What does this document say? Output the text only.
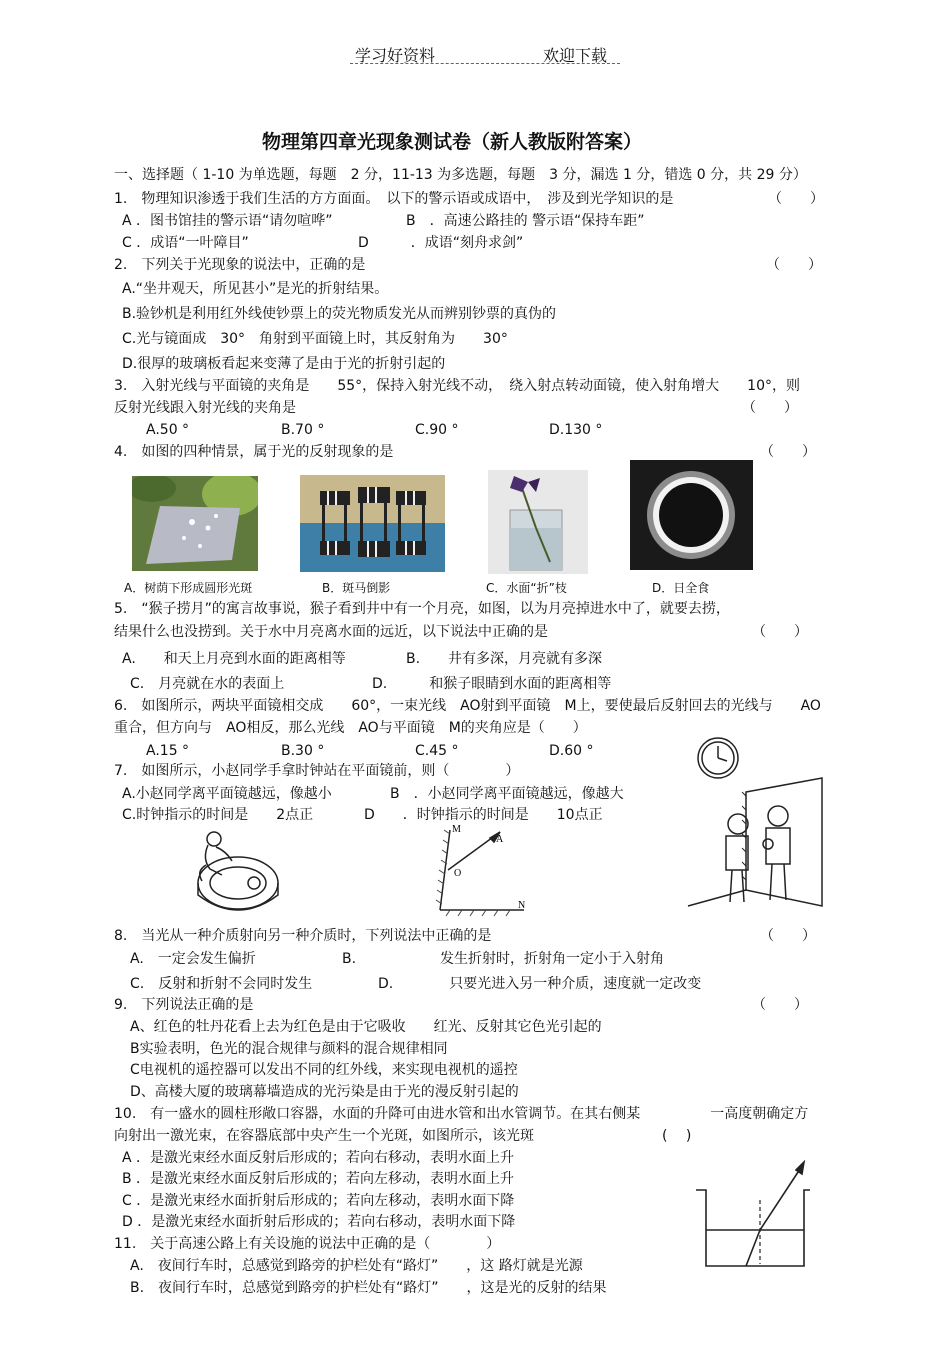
学习好资料	欢迎下载
物理第四章光现象测试卷（新人教版附答案）
一、选择题（ 1-10 为单选题，每题　2 分，11-13 为多选题，每题　3 分，漏选 1 分，错选 0 分，共 29 分）
1.　物理知识渗透于我们生活的方方面面。　以下的警示语或成语中，　涉及到光学知识的是	（　　）
A ．图书馆挂的警示语“请勿喧哗”	B　．高速公路挂的 警示语“保持车距”
C ．成语“一叶障目”	D　　　．成语“刻舟求剑”
2.　下列关于光现象的说法中，正确的是	（　　）
A.“坐井观天，所见甚小”是光的折射结果。
B.验钞机是利用红外线使钞票上的荧光物质发光从而辨别钞票的真伪的
C.光与镜面成　30°　角射到平面镜上时，其反射角为　　30°
D.很厚的玻璃板看起来变薄了是由于光的折射引起的
3.　入射光线与平面镜的夹角是　　55°，保持入射光线不动，　绕入射点转动面镜，使入射角增大　　10°，则
反射光线跟入射光线的夹角是	（　　）
A.50 °	B.70 °	C.90 °	D.130 °
4.　如图的四种情景，属于光的反射现象的是	（　　）
A．树荫下形成圆形光斑	B．斑马倒影	C．水面“折”枝	D．日全食
5.　“猴子捞月”的寓言故事说，猴子看到井中有一个月亮，如图，以为月亮掉进水中了，就要去捞，
结果什么也没捞到。关于水中月亮离水面的远近，以下说法中正确的是	（　　）
A.　　和天上月亮到水面的距离相等	B.　　井有多深，月亮就有多深
C.　月亮就在水的表面上	D.　　　和猴子眼睛到水面的距离相等
6.　如图所示，两块平面镜相交成　　60°，一束光线　AO射到平面镜　M上，要使最后反射回去的光线与　　AO
重合，但方向与　AO相反，那么光线　AO与平面镜　M的夹角应是（　　）
A.15 °	B.30 °	C.45 °	D.60 °
7.　如图所示，小赵同学手拿时钟站在平面镜前，则（　　　　）
A.小赵同学离平面镜越远，像越小	B　．小赵同学离平面镜越远，像越大
C.时钟指示的时间是　　2点正	D　　．时钟指示的时间是　　10点正
M
A
O
N
8.　当光从一种介质射向另一种介质时，下列说法中正确的是	（　　）
A.　一定会发生偏折	B.　　　　　　发生折射时，折射角一定小于入射角
C.　反射和折射不会同时发生	D.　　　　只要光进入另一种介质，速度就一定改变
9.　下列说法正确的是	（　　）
A、红色的牡丹花看上去为红色是由于它吸收　　红光、反射其它色光引起的
B实验表明，色光的混合规律与颜料的混合规律相同
C电视机的遥控器可以发出不同的红外线，来实现电视机的遥控
D、高楼大厦的玻璃幕墙造成的光污染是由于光的漫反射引起的
10.　有一盛水的圆柱形敞口容器，水面的升降可由进水管和出水管调节。在其右侧某　　　　　一高度朝确定方
向射出一激光束，在容器底部中央产生一个光斑，如图所示，该光斑	(　 )
A ．是激光束经水面反射后形成的；若向右移动，表明水面上升
B ．是激光束经水面反射后形成的；若向左移动，表明水面上升
C ．是激光束经水面折射后形成的；若向左移动，表明水面下降
D ．是激光束经水面折射后形成的；若向右移动，表明水面下降
11.　关于高速公路上有关设施的说法中正确的是（　　　　）
A.　夜间行车时，总感觉到路旁的护栏处有“路灯”　　，这 路灯就是光源
B.　夜间行车时，总感觉到路旁的护栏处有“路灯”　　，这是光的反射的结果
